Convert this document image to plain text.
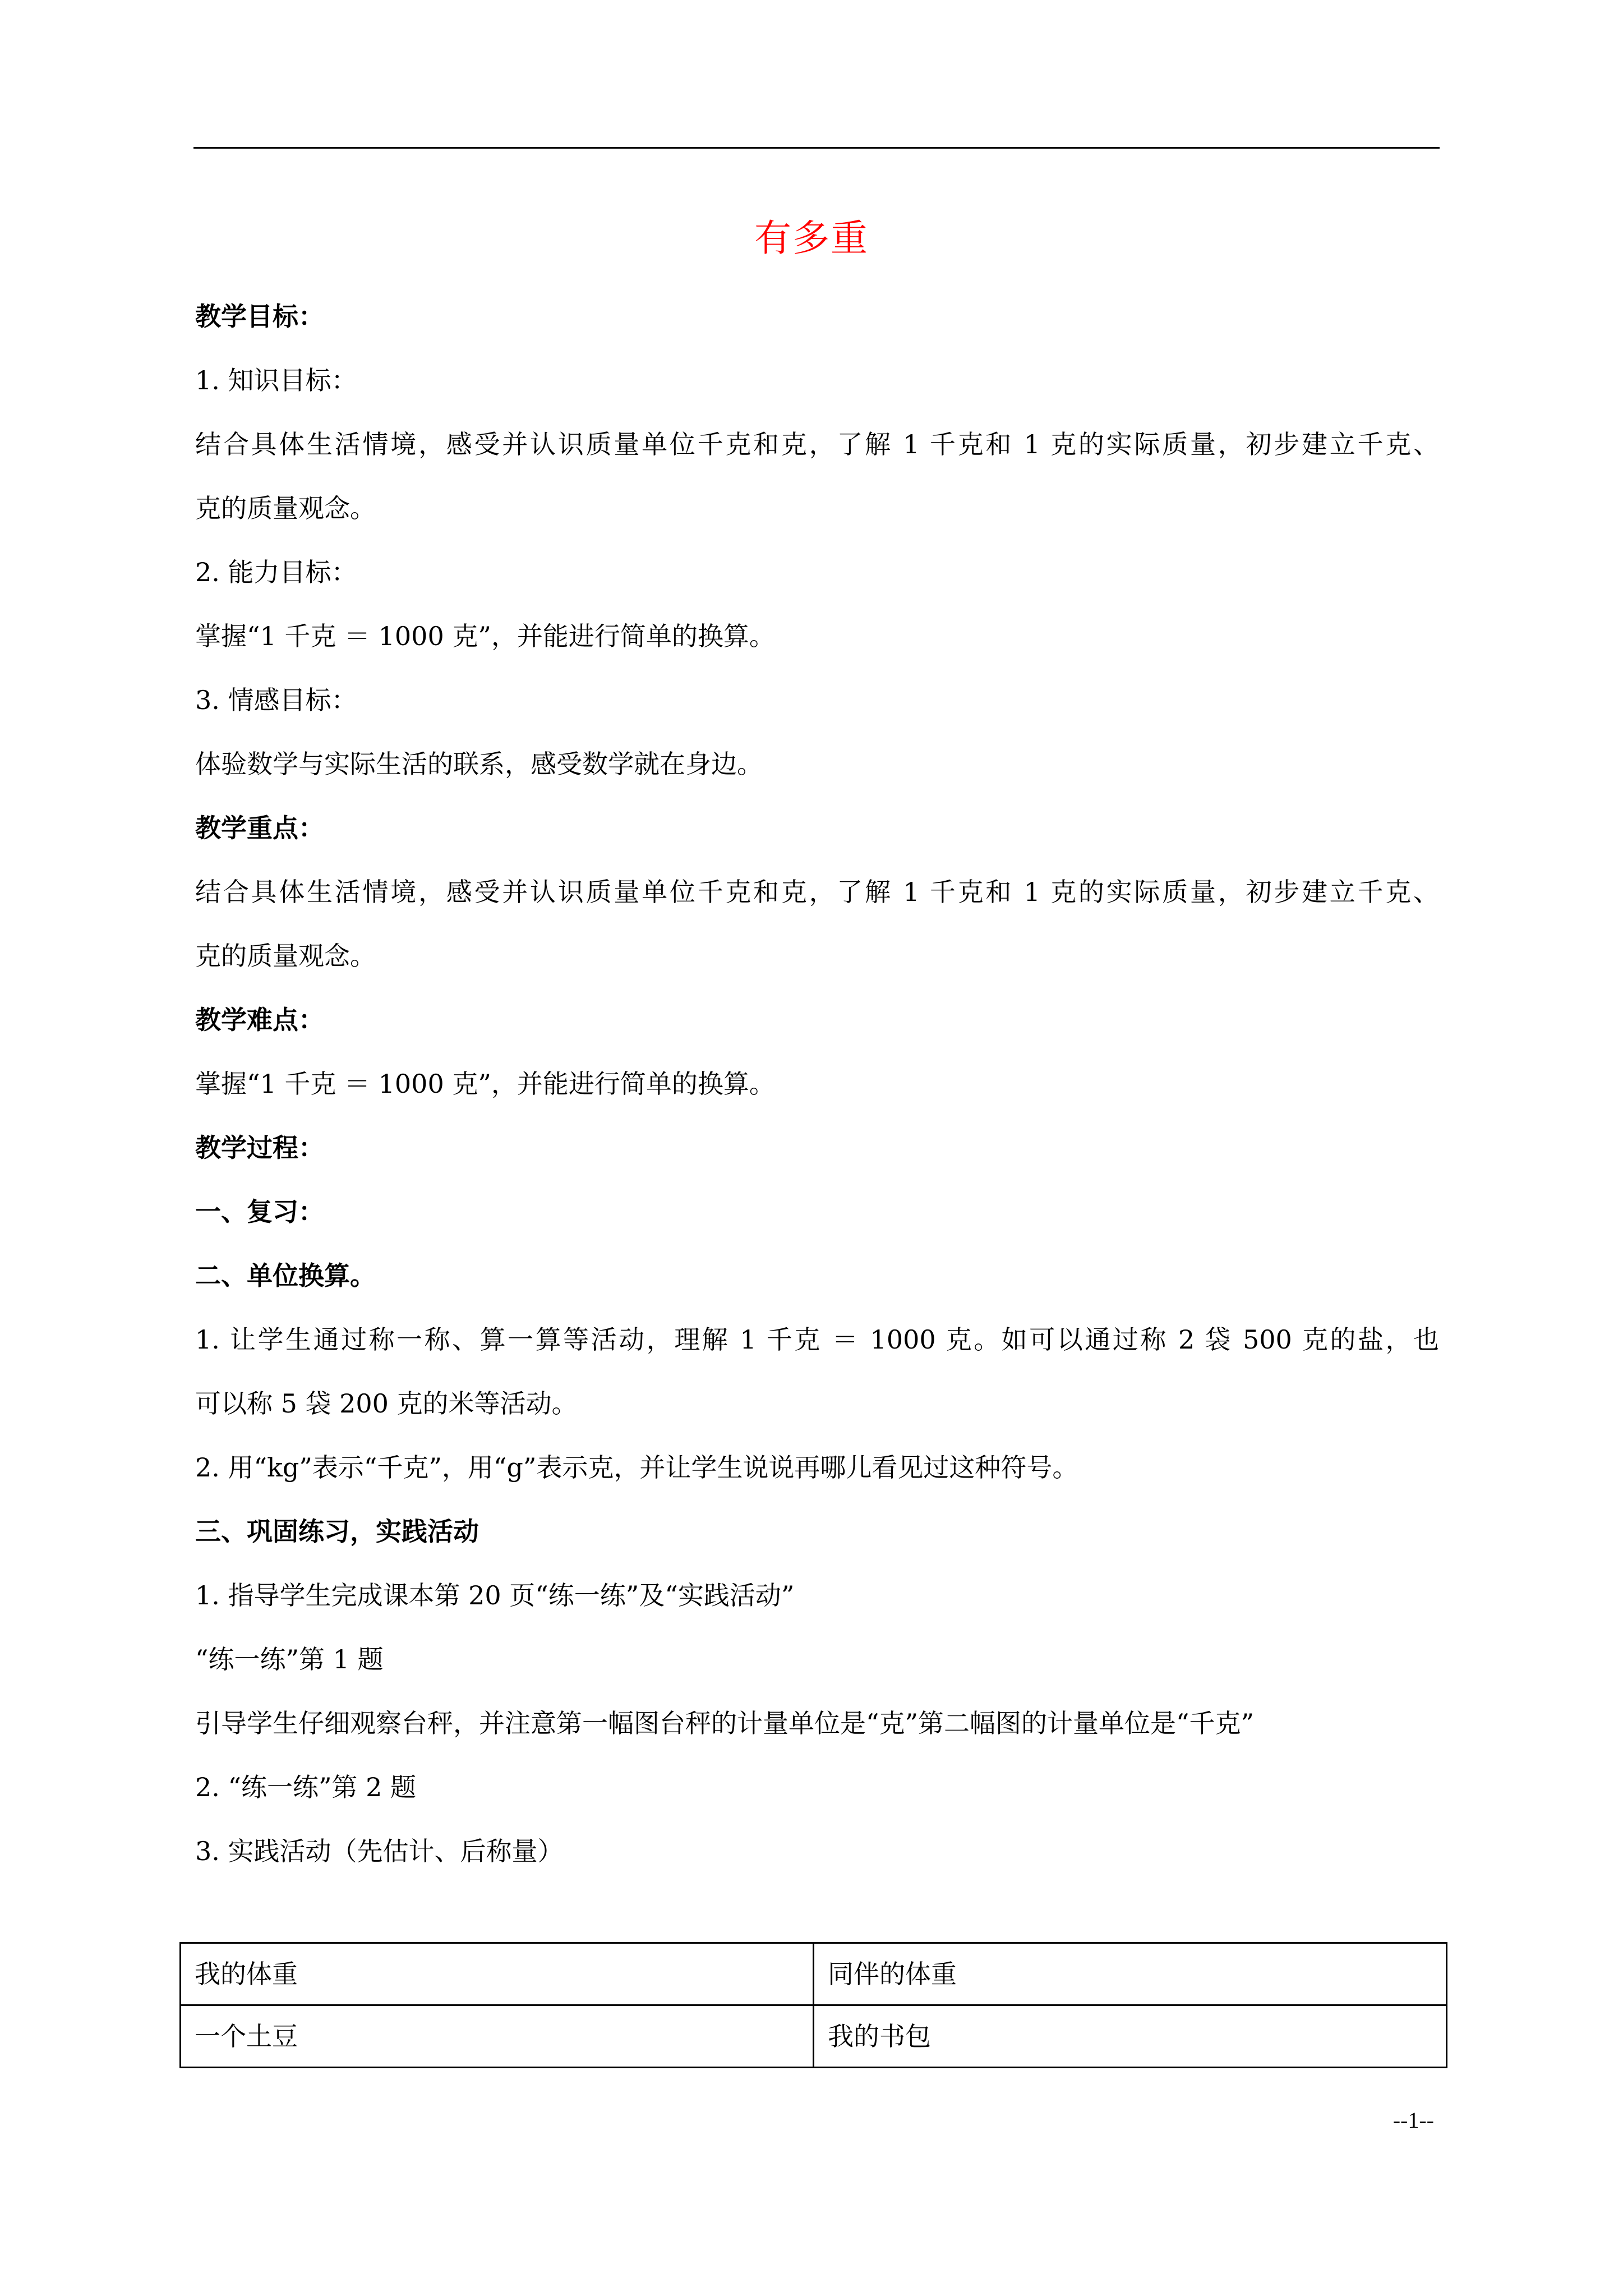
有多重
教学目标：
1. 知识目标：
结合具体生活情境，感受并认识质量单位千克和克，了解 1 千克和 1 克的实际质量，初步建立千克、
克的质量观念。
2. 能力目标：
掌握“1 千克 ＝ 1000 克”，并能进行简单的换算。
3. 情感目标：
体验数学与实际生活的联系，感受数学就在身边。
教学重点：
结合具体生活情境，感受并认识质量单位千克和克，了解 1 千克和 1 克的实际质量，初步建立千克、
克的质量观念。
教学难点：
掌握“1 千克 ＝ 1000 克”，并能进行简单的换算。
教学过程：
一、复习：
二、单位换算。
1. 让学生通过称一称、算一算等活动，理解 1 千克 ＝ 1000 克。如可以通过称 2 袋 500 克的盐，也
可以称 5 袋 200 克的米等活动。
2. 用“kg”表示“千克”，用“g”表示克，并让学生说说再哪儿看见过这种符号。
三、巩固练习，实践活动
1. 指导学生完成课本第 20 页“练一练”及“实践活动”
“练一练”第 1 题
引导学生仔细观察台秤，并注意第一幅图台秤的计量单位是“克”第二幅图的计量单位是“千克”
2. “练一练”第 2 题
3. 实践活动（先估计、后称量）
我的体重	同伴的体重
一个土豆	我的书包
--1--
